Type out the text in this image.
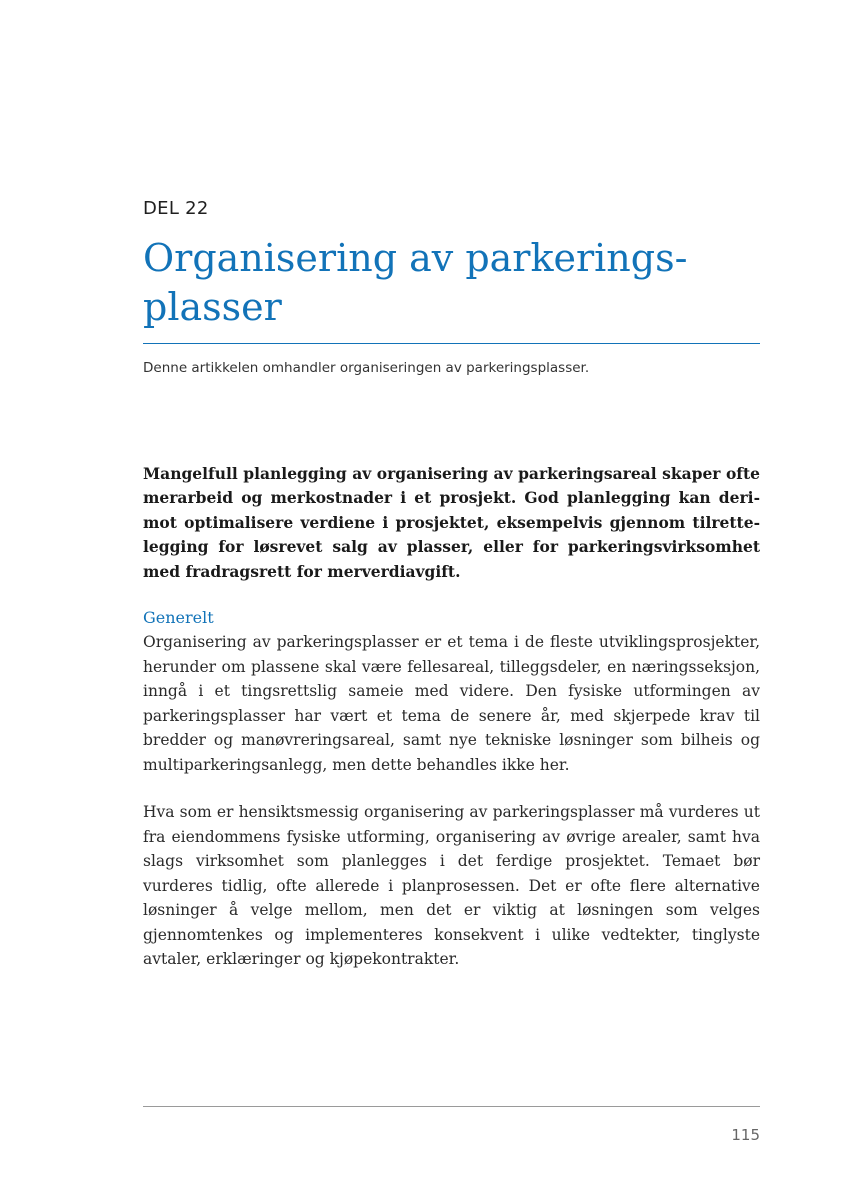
DEL 22
Organisering av parkerings-
plasser
Denne artikkelen omhandler organiseringen av parkeringsplasser.

Mangelfull planlegging av organisering av parkeringsareal skaper ofte merarbeid og merkostnader i et prosjekt. God planlegging kan derimot optimalisere verdiene i prosjektet, eksempelvis gjennom tilrettelegging for løsrevet salg av plasser, eller for parkeringsvirksomhet med fradragsrett for merverdiavgift.

Generelt

Organisering av parkeringsplasser er et tema i de fleste utviklingsprosjekter, herunder om plassene skal være fellesareal, tilleggsdeler, en næringsseksjon, inngå i et tingsrettslig sameie med videre. Den fysiske utformingen av parkeringsplasser har vært et tema de senere år, med skjerpede krav til bredder og manøvreringsareal, samt nye tekniske løsninger som bilheis og multiparkeringsanlegg, men dette behandles ikke her.

Hva som er hensiktsmessig organisering av parkeringsplasser må vurderes ut fra eiendommens fysiske utforming, organisering av øvrige arealer, samt hva slags virksomhet som planlegges i det ferdige prosjektet. Temaet bør vurderes tidlig, ofte allerede i planprosessen. Det er ofte flere alternative løsninger å velge mellom, men det er viktig at løsningen som velges gjennomtenkes og implementeres konsekvent i ulike vedtekter, tinglyste avtaler, erklæringer og kjøpekontrakter.

115
